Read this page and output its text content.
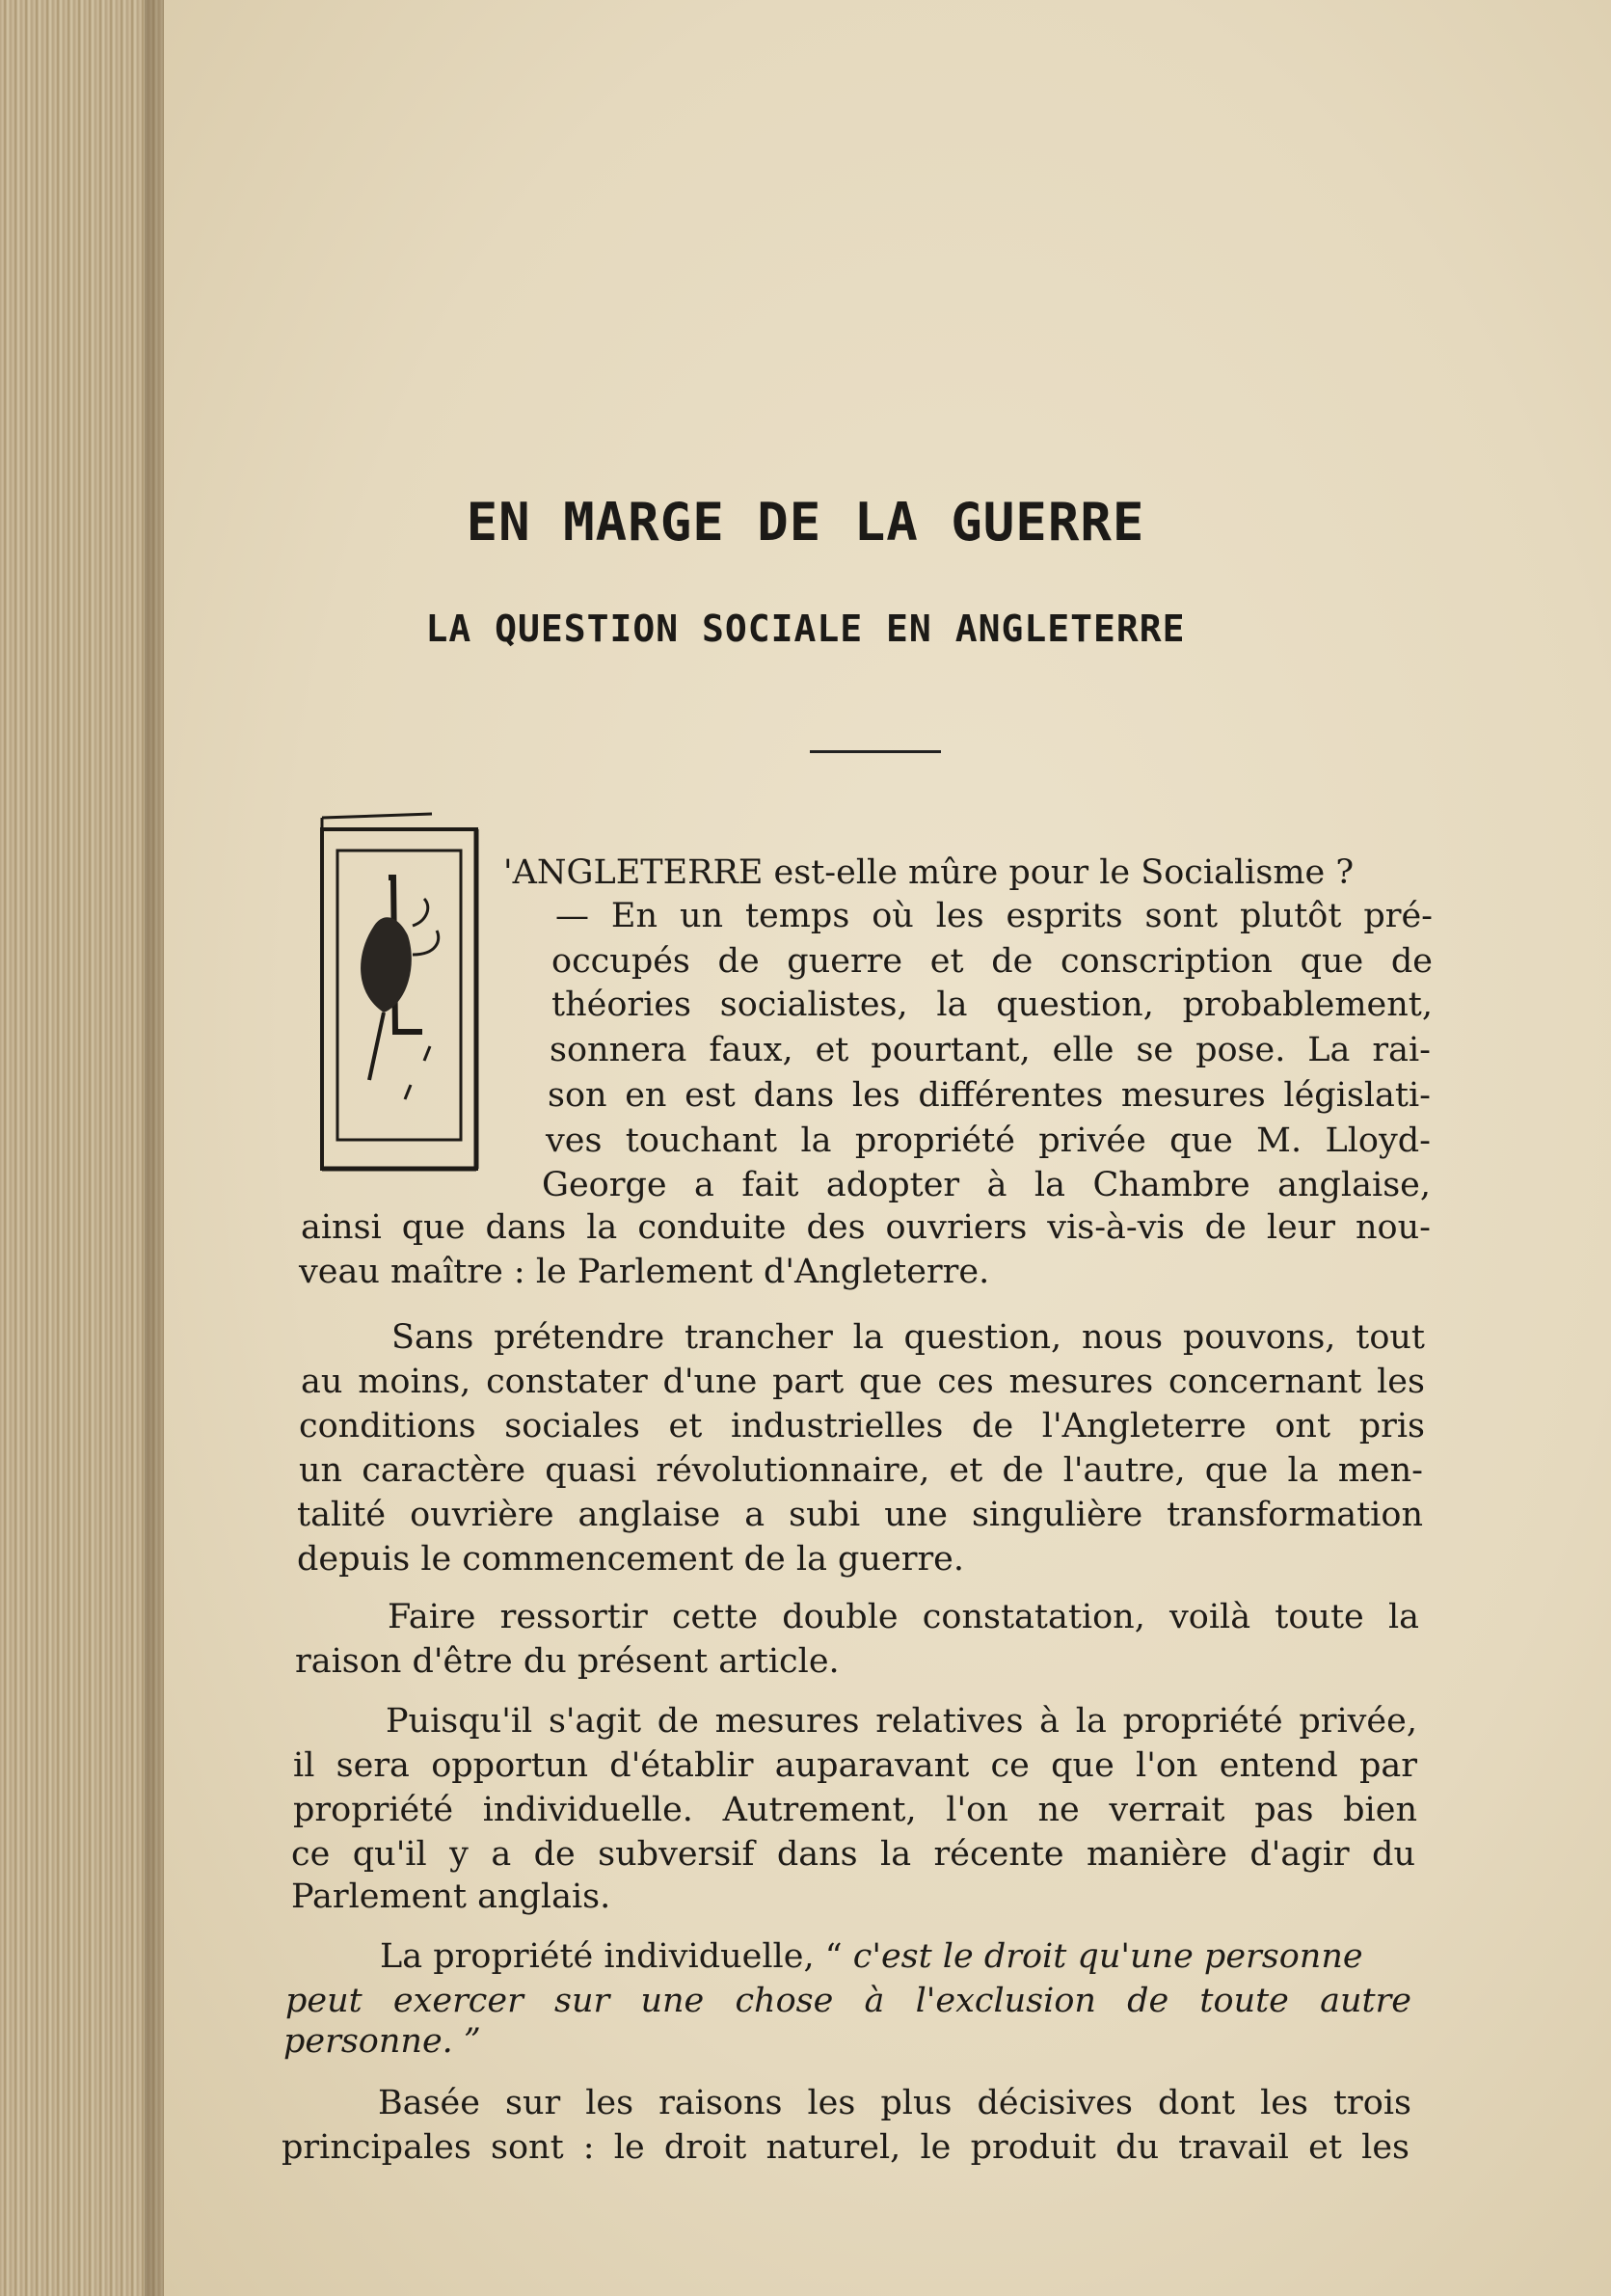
EN MARGE DE LA GUERRE
LA QUESTION SOCIALE EN ANGLETERRE
'ANGLETERRE est-elle mûre pour le Socialisme ?
— En un temps où les esprits sont plutôt pré-
occupés de guerre et de conscription que de
théories socialistes, la question, probablement,
sonnera faux, et pourtant, elle se pose. La rai-
son en est dans les différentes mesures législati-
ves touchant la propriété privée que M. Lloyd-
George a fait adopter à la Chambre anglaise,
ainsi que dans la conduite des ouvriers vis-à-vis de leur nou-
veau maître : le Parlement d'Angleterre.
Sans prétendre trancher la question, nous pouvons, tout
au moins, constater d'une part que ces mesures concernant les
conditions sociales et industrielles de l'Angleterre ont pris
un caractère quasi révolutionnaire, et de l'autre, que la men-
talité ouvrière anglaise a subi une singulière transformation
depuis le commencement de la guerre.
Faire ressortir cette double constatation, voilà toute la
raison d'être du présent article.
Puisqu'il s'agit de mesures relatives à la propriété privée,
il sera opportun d'établir auparavant ce que l'on entend par
propriété individuelle. Autrement, l'on ne verrait pas bien
ce qu'il y a de subversif dans la récente manière d'agir du
Parlement anglais.
La propriété individuelle, “ c'est le droit qu'une personne
peut exercer sur une chose à l'exclusion de toute autre
personne. ”
Basée sur les raisons les plus décisives dont les trois
principales sont : le droit naturel, le produit du travail et les
